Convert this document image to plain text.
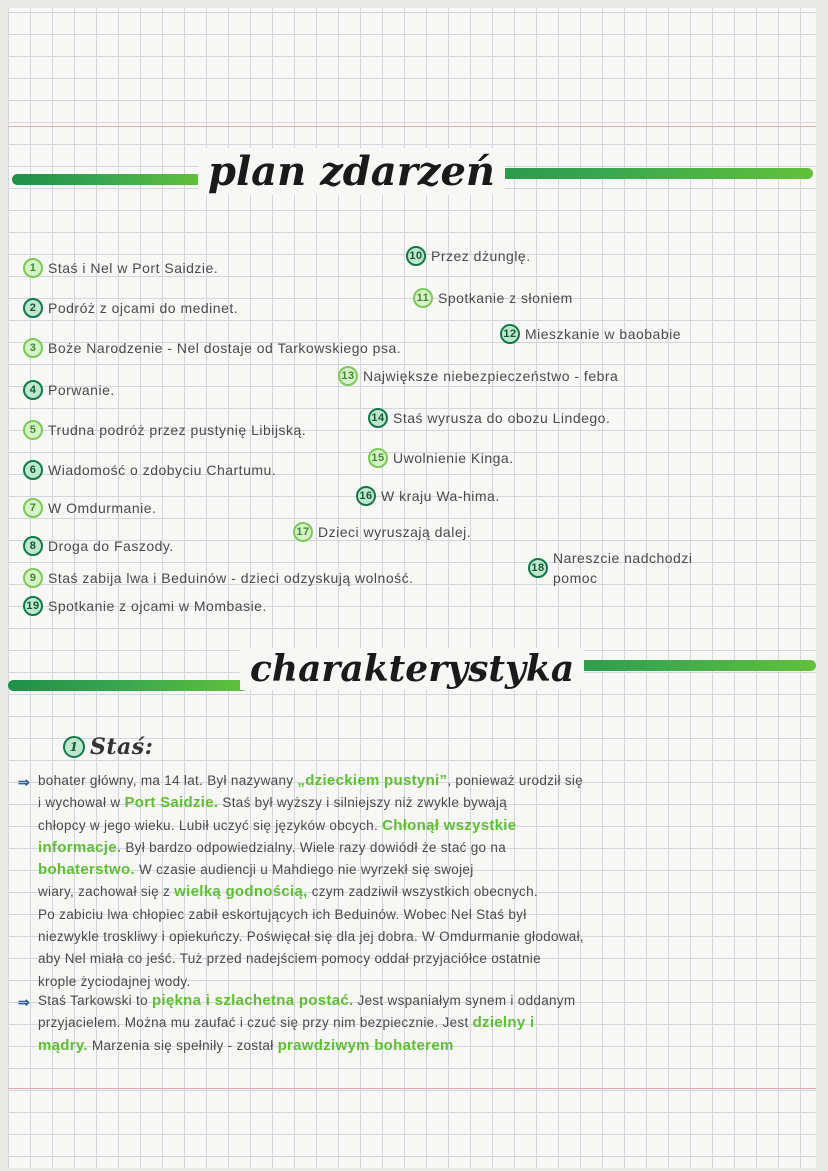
plan zdarzeń
1 Staś i Nel w Port Saidzie.
2 Podróż z ojcami do medinet.
3 Boże Narodzenie - Nel dostaje od Tarkowskiego psa.
4 Porwanie.
5 Trudna podróż przez pustynię Libijską.
6 Wiadomość o zdobyciu Chartumu.
7 W Omdurmanie.
8 Droga do Faszody.
9 Staś zabija lwa i Beduinów - dzieci odzyskują wolność.
10 Przez dżunglę.
11 Spotkanie z słoniem
12 Mieszkanie w baobabie
13 Największe niebezpieczeństwo - febra
14 Staś wyrusza do obozu Lindego.
15 Uwolnienie Kinga.
16 W kraju Wa-hima.
17 Dzieci wyruszają dalej.
18
Nareszcie nadchodzi pomoc
19 Spotkanie z ojcami w Mombasie.
charakterystyka
1 Staś:
⇒ bohater główny, ma 14 lat. Był nazywany „dzieckiem pustyni”, ponieważ urodził się
i wychował w Port Saidzie. Staś był wyższy i silniejszy niż zwykle bywają
chłopcy w jego wieku. Lubił uczyć się języków obcych. Chłonął wszystkie
informacje. Był bardzo odpowiedzialny. Wiele razy dowiódł że stać go na
bohaterstwo. W czasie audiencji u Mahdiego nie wyrzekł się swojej
wiary, zachował się z wielką godnością, czym zadziwił wszystkich obecnych.
Po zabiciu lwa chłopiec zabił eskortujących ich Beduinów. Wobec Nel Staś był
niezwykle troskliwy i opiekuńczy. Poświęcał się dla jej dobra. W Omdurmanie głodował,
aby Nel miała co jeść. Tuż przed nadejściem pomocy oddał przyjaciółce ostatnie
krople życiodajnej wody.
⇒ Staś Tarkowski to piękna i szlachetna postać. Jest wspaniałym synem i oddanym
przyjacielem. Można mu zaufać i czuć się przy nim bezpiecznie. Jest dzielny i
mądry. Marzenia się spełniły - został prawdziwym bohaterem
